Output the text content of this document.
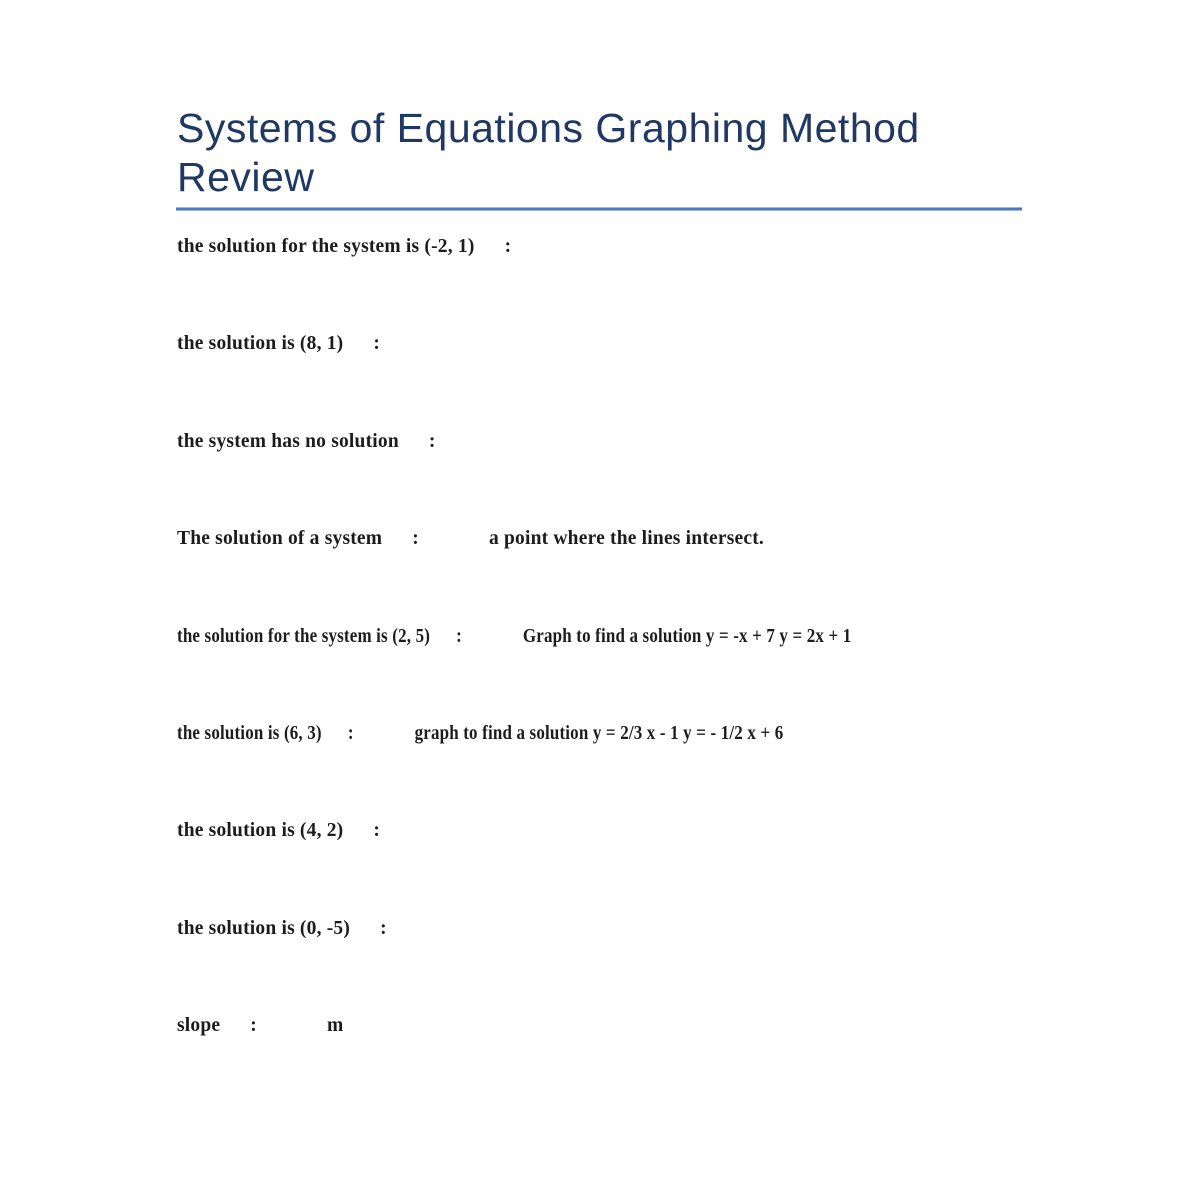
Systems of Equations Graphing Method
Review
the solution for the system is (-2, 1) :
the solution is (8, 1) :
the system has no solution :
The solution of a system :	a point where the lines intersect.
the solution for the system is (2, 5) :	Graph to find a solution y = -x + 7 y = 2x + 1
the solution is (6, 3) :	graph to find a solution y = 2/3 x - 1 y = - 1/2 x + 6
the solution is (4, 2) :
the solution is (0, -5) :
slope :	m
